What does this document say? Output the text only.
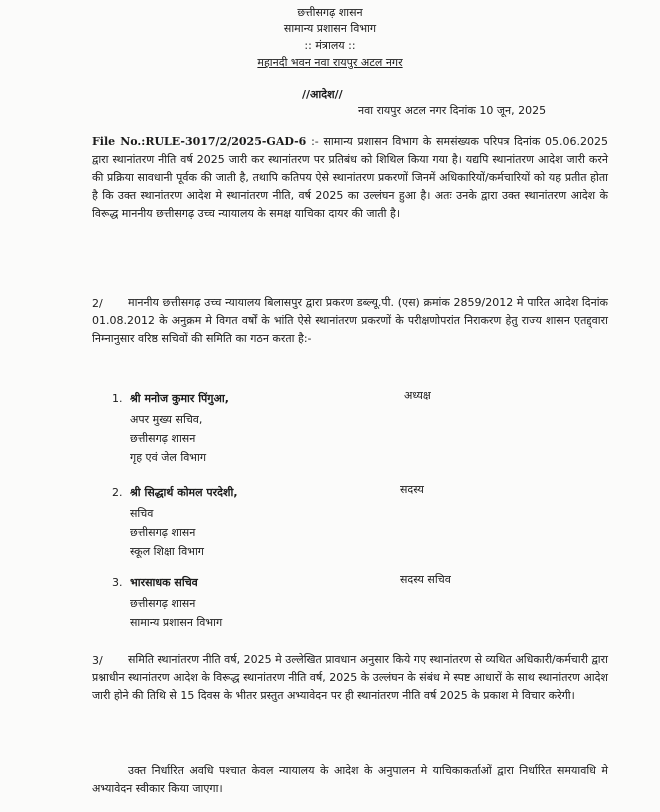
छत्तीसगढ़ शासन
सामान्य प्रशासन विभाग
:: मंत्रालय ::
महानदी भवन नवा रायपुर अटल नगर
//आदेश//
नवा रायपुर अटल नगर दिनांक 10 जून, 2025
File No.:RULE-3017/2/2025-GAD-6 :- सामान्य प्रशासन विभाग के समसंख्यक परिपत्र दिनांक 05.06.2025 द्वारा स्थानांतरण नीति वर्ष 2025 जारी कर स्थानांतरण पर प्रतिबंध को शिथिल किया गया है। यद्यपि स्थानांतरण आदेश जारी करने की प्रक्रिया सावधानी पूर्वक की जाती है, तथापि कतिपय ऐसे स्थानांतरण प्रकरणों जिनमें अधिकारियों/कर्मचारियों को यह प्रतीत होता है कि उक्त स्थानांतरण आदेश मे स्थानांतरण नीति, वर्ष 2025 का उल्लंघन हुआ है। अतः उनके द्वारा उक्त स्थानांतरण आदेश के विरूद्ध माननीय छत्तीसगढ़ उच्च न्यायालय के समक्ष याचिका दायर की जाती है।
2/	माननीय छत्तीसगढ़ उच्च न्यायालय बिलासपुर द्वारा प्रकरण डब्ल्यू.पी. (एस) क्रमांक 2859/2012 मे पारित आदेश दिनांक 01.08.2012 के अनुक्रम मे विगत वर्षों के भांति ऐसे स्थानांतरण प्रकरणों के परीक्षणोपरांत निराकरण हेतु राज्य शासन एतद्द्वारा निम्नानुसार वरिष्ठ सचिवों की समिति का गठन करता है:-
1. श्री मनोज कुमार पिंगुआ,
अपर मुख्य सचिव,
छत्तीसगढ़ शासन
गृह एवं जेल विभाग
अध्यक्ष
2. श्री सिद्धार्थ कोमल परदेशी,
सचिव
छत्तीसगढ़ शासन
स्कूल शिक्षा विभाग
सदस्य
3. भारसाधक सचिव
छत्तीसगढ़ शासन
सामान्य प्रशासन विभाग
सदस्य सचिव
3/	समिति स्थानांतरण नीति वर्ष, 2025 मे उल्लेखित प्रावधान अनुसार किये गए स्थानांतरण से व्यथित अधिकारी/कर्मचारी द्वारा प्रश्नाधीन स्थानांतरण आदेश के विरूद्ध स्थानांतरण नीति वर्ष, 2025 के उल्लंघन के संबंध मे स्पष्ट आधारों के साथ स्थानांतरण आदेश जारी होने की तिथि से 15 दिवस के भीतर प्रस्तुत अभ्यावेदन पर ही स्थानांतरण नीति वर्ष 2025 के प्रकाश मे विचार करेगी।
उक्त निर्धारित अवधि पश्चात केवल न्यायालय के आदेश के अनुपालन मे याचिकाकर्ताओं द्वारा निर्धारित समयावधि मे अभ्यावेदन स्वीकार किया जाएगा।
